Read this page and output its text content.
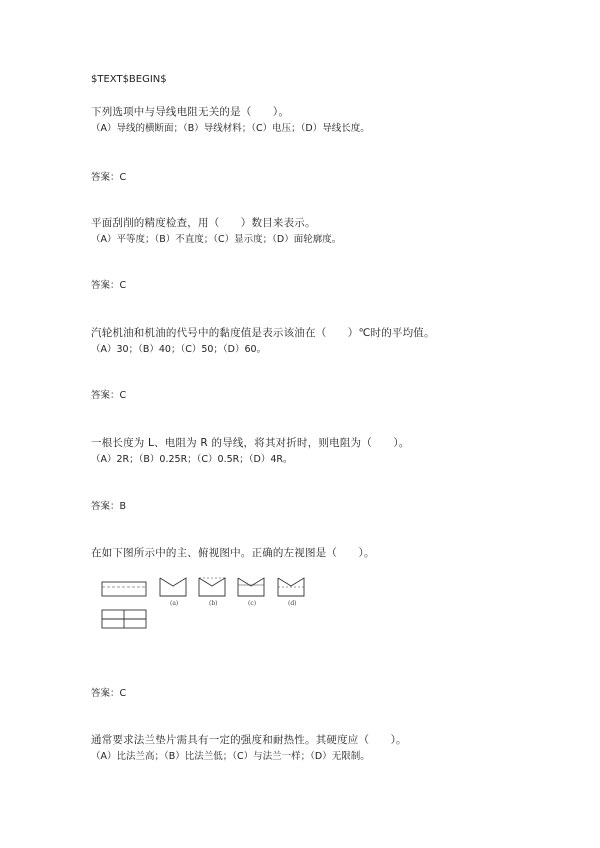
$TEXT$BEGIN$
下列选项中与导线电阻无关的是（　　）。
（A）导线的横断面；（B）导线材料；（C）电压；（D）导线长度。
答案：C
平面刮削的精度检查，用（　　）数目来表示。
（A）平等度；（B）不直度；（C）显示度；（D）面轮廓度。
答案：C
汽轮机油和机油的代号中的黏度值是表示该油在（　　）℃时的平均值。
（A）30；（B）40；（C）50；（D）60。
答案：C
一根长度为 L、电阻为 R 的导线，将其对折时，则电阻为（　　）。
（A）2R；（B）0.25R；（C）0.5R；（D）4R。
答案：B
在如下图所示中的主、俯视图中。正确的左视图是（　　）。
(a)	(b)	(c)	(d)
答案：C
通常要求法兰垫片需具有一定的强度和耐热性。其硬度应（　　）。
（A）比法兰高；（B）比法兰低；（C）与法兰一样；（D）无限制。
